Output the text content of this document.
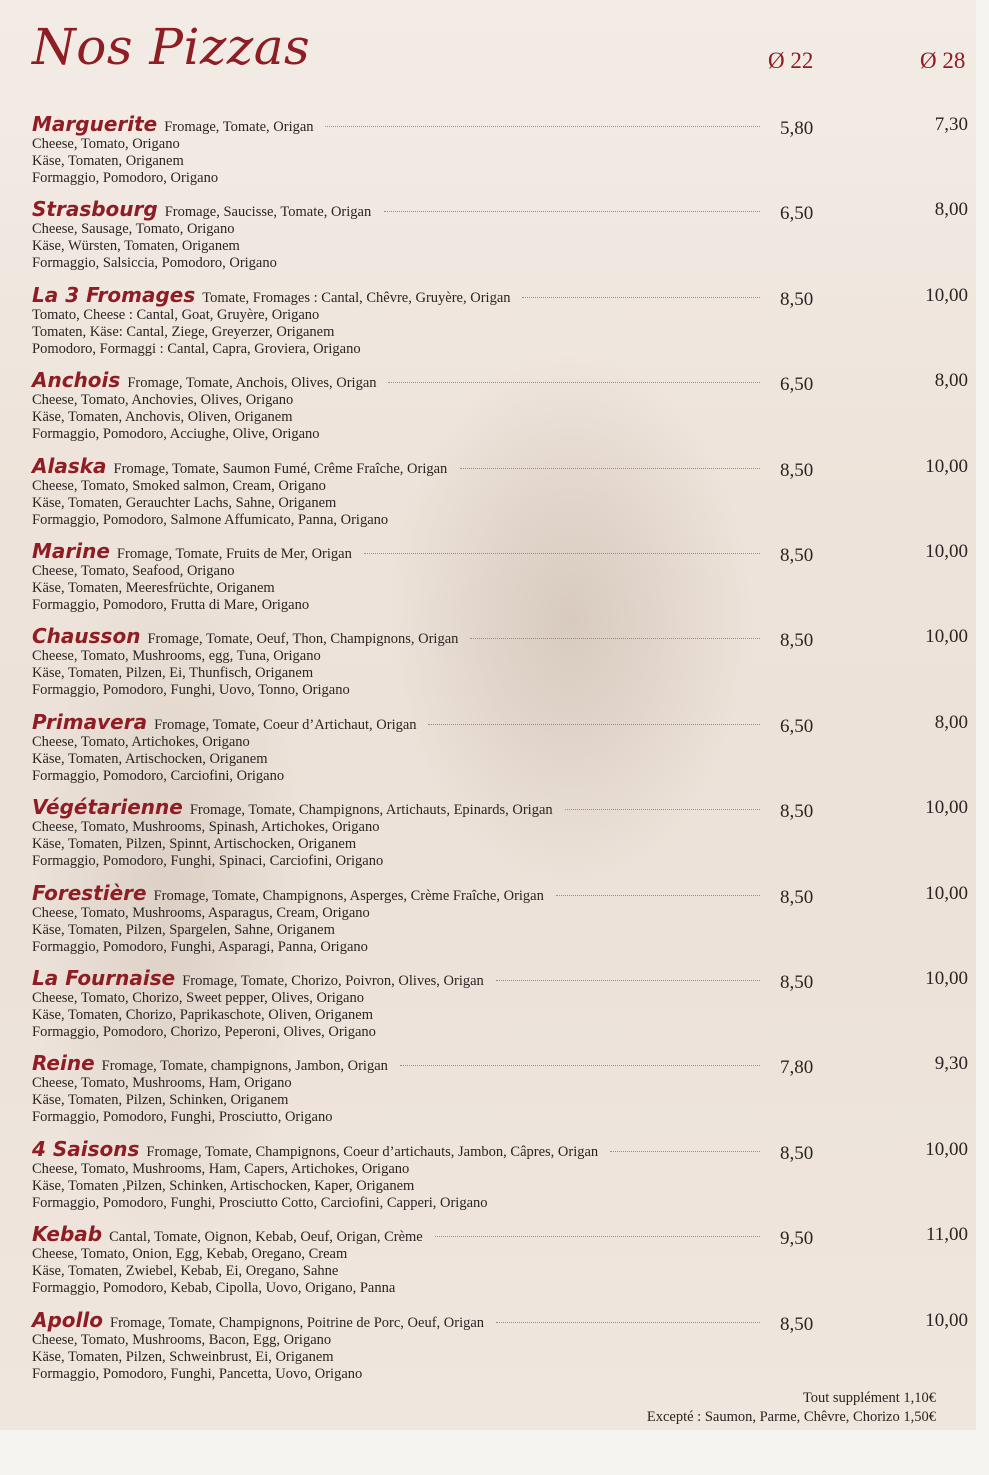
Nos Pizzas	Ø 22	Ø 28
Marguerite Fromage, Tomate, Origan	5,80	7,30
Cheese, Tomato, Origano
Käse, Tomaten, Origanem
Formaggio, Pomodoro, Origano
Strasbourg Fromage, Saucisse, Tomate, Origan	6,50	8,00
Cheese, Sausage, Tomato, Origano
Käse, Würsten, Tomaten, Origanem
Formaggio, Salsiccia, Pomodoro, Origano
La 3 Fromages Tomate, Fromages : Cantal, Chêvre, Gruyère, Origan	8,50	10,00
Tomato, Cheese : Cantal, Goat, Gruyère, Origano
Tomaten, Käse: Cantal, Ziege, Greyerzer, Origanem
Pomodoro, Formaggi : Cantal, Capra, Groviera, Origano
Anchois Fromage, Tomate, Anchois, Olives, Origan	6,50	8,00
Cheese, Tomato, Anchovies, Olives, Origano
Käse, Tomaten, Anchovis, Oliven, Origanem
Formaggio, Pomodoro, Acciughe, Olive, Origano
Alaska Fromage, Tomate, Saumon Fumé, Crême Fraîche, Origan	8,50	10,00
Cheese, Tomato, Smoked salmon, Cream, Origano
Käse, Tomaten, Gerauchter Lachs, Sahne, Origanem
Formaggio, Pomodoro, Salmone Affumicato, Panna, Origano
Marine Fromage, Tomate, Fruits de Mer, Origan	8,50	10,00
Cheese, Tomato, Seafood, Origano
Käse, Tomaten, Meeresfrüchte, Origanem
Formaggio, Pomodoro, Frutta di Mare, Origano
Chausson Fromage, Tomate, Oeuf, Thon, Champignons, Origan	8,50	10,00
Cheese, Tomato, Mushrooms, egg, Tuna, Origano
Käse, Tomaten, Pilzen, Ei, Thunfisch, Origanem
Formaggio, Pomodoro, Funghi, Uovo, Tonno, Origano
Primavera Fromage, Tomate, Coeur d’Artichaut, Origan	6,50	8,00
Cheese, Tomato, Artichokes, Origano
Käse, Tomaten, Artischocken, Origanem
Formaggio, Pomodoro, Carciofini, Origano
Végétarienne Fromage, Tomate, Champignons, Artichauts, Epinards, Origan	8,50	10,00
Cheese, Tomato, Mushrooms, Spinash, Artichokes, Origano
Käse, Tomaten, Pilzen, Spinnt, Artischocken, Origanem
Formaggio, Pomodoro, Funghi, Spinaci, Carciofini, Origano
Forestière Fromage, Tomate, Champignons, Asperges, Crème Fraîche, Origan	8,50	10,00
Cheese, Tomato, Mushrooms, Asparagus, Cream, Origano
Käse, Tomaten, Pilzen, Spargelen, Sahne, Origanem
Formaggio, Pomodoro, Funghi, Asparagi, Panna, Origano
La Fournaise Fromage, Tomate, Chorizo, Poivron, Olives, Origan	8,50	10,00
Cheese, Tomato, Chorizo, Sweet pepper, Olives, Origano
Käse, Tomaten, Chorizo, Paprikaschote, Oliven, Origanem
Formaggio, Pomodoro, Chorizo, Peperoni, Olives, Origano
Reine Fromage, Tomate, champignons, Jambon, Origan	7,80	9,30
Cheese, Tomato, Mushrooms, Ham, Origano
Käse, Tomaten, Pilzen, Schinken, Origanem
Formaggio, Pomodoro, Funghi, Prosciutto, Origano
4 Saisons Fromage, Tomate, Champignons, Coeur d’artichauts, Jambon, Câpres, Origan	8,50	10,00
Cheese, Tomato, Mushrooms, Ham, Capers, Artichokes, Origano
Käse, Tomaten ,Pilzen, Schinken, Artischocken, Kaper, Origanem
Formaggio, Pomodoro, Funghi, Prosciutto Cotto, Carciofini, Capperi, Origano
Kebab Cantal, Tomate, Oignon, Kebab, Oeuf, Origan, Crème	9,50	11,00
Cheese, Tomato, Onion, Egg, Kebab, Oregano, Cream
Käse, Tomaten, Zwiebel, Kebab, Ei, Oregano, Sahne
Formaggio, Pomodoro, Kebab, Cipolla, Uovo, Origano, Panna
Apollo Fromage, Tomate, Champignons, Poitrine de Porc, Oeuf, Origan	8,50	10,00
Cheese, Tomato, Mushrooms, Bacon, Egg, Origano
Käse, Tomaten, Pilzen, Schweinbrust, Ei, Origanem
Formaggio, Pomodoro, Funghi, Pancetta, Uovo, Origano
Tout supplément 1,10€
Excepté : Saumon, Parme, Chêvre, Chorizo 1,50€
